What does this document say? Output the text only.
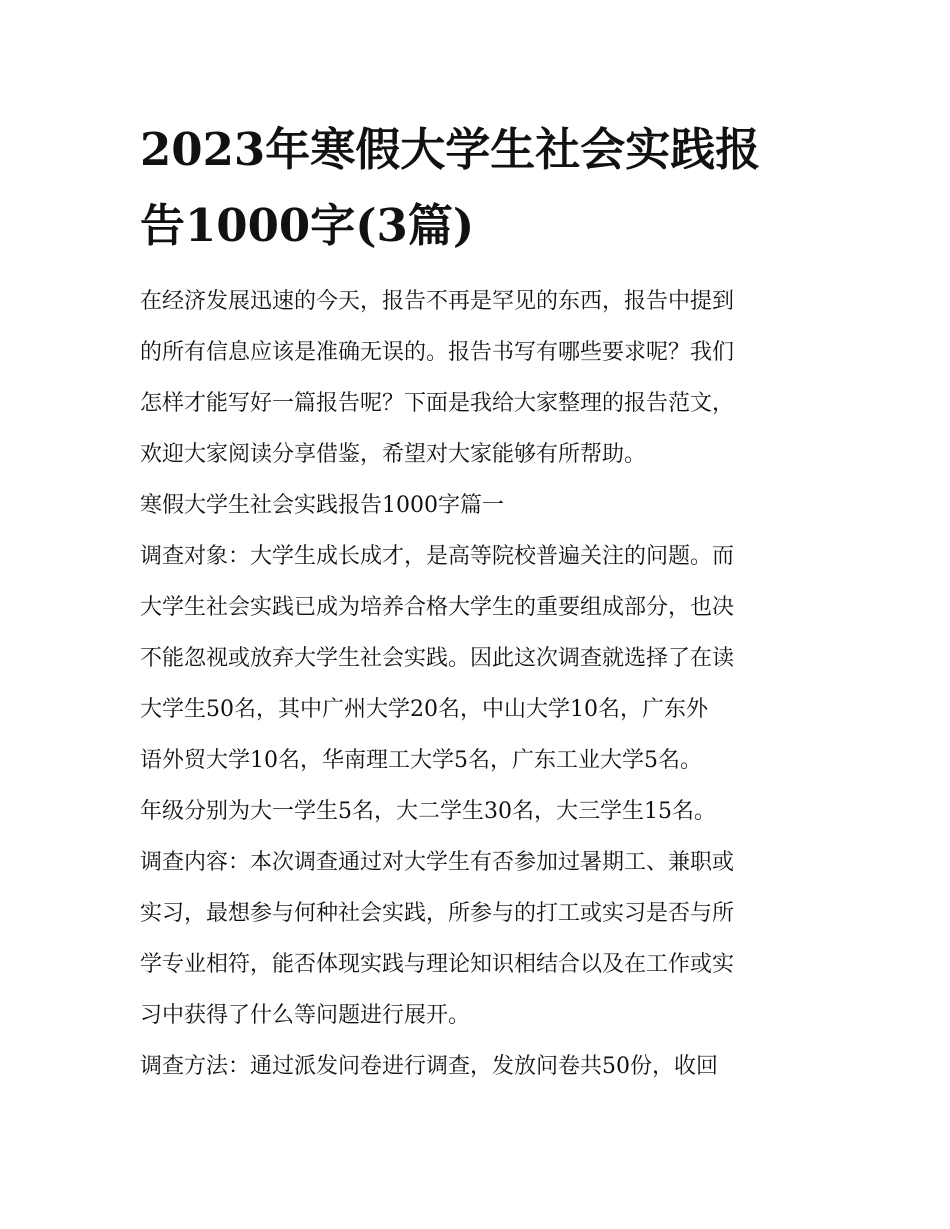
2023年寒假大学生社会实践报
告1000字(3篇)
在经济发展迅速的今天，报告不再是罕见的东西，报告中提到
的所有信息应该是准确无误的。报告书写有哪些要求呢？我们
怎样才能写好一篇报告呢？下面是我给大家整理的报告范文，
欢迎大家阅读分享借鉴，希望对大家能够有所帮助。
寒假大学生社会实践报告1000字篇一
调查对象：大学生成长成才，是高等院校普遍关注的问题。而
大学生社会实践已成为培养合格大学生的重要组成部分，也决
不能忽视或放弃大学生社会实践。因此这次调查就选择了在读
大学生50名，其中广州大学20名，中山大学10名，广东外
语外贸大学10名，华南理工大学5名，广东工业大学5名。
年级分别为大一学生5名，大二学生30名，大三学生15名。
调查内容：本次调查通过对大学生有否参加过暑期工、兼职或
实习，最想参与何种社会实践，所参与的打工或实习是否与所
学专业相符，能否体现实践与理论知识相结合以及在工作或实
习中获得了什么等问题进行展开。
调查方法：通过派发问卷进行调查，发放问卷共50份，收回
